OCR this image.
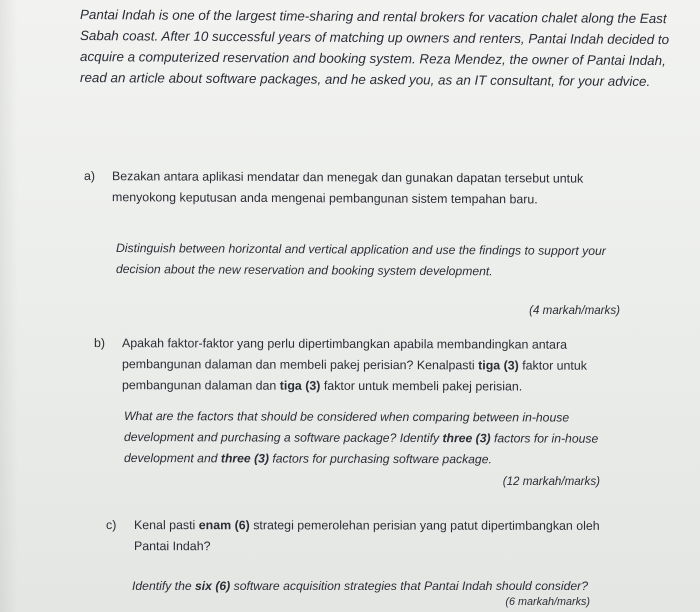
Pantai Indah is one of the largest time-sharing and rental brokers for vacation chalet along the East Sabah coast. After 10 successful years of matching up owners and renters, Pantai Indah decided to acquire a computerized reservation and booking system. Reza Mendez, the owner of Pantai Indah, read an article about software packages, and he asked you, as an IT consultant, for your advice.

a) Bezakan antara aplikasi mendatar dan menegak dan gunakan dapatan tersebut untuk menyokong keputusan anda mengenai pembangunan sistem tempahan baru.
Distinguish between horizontal and vertical application and use the findings to support your decision about the new reservation and booking system development.
(4 markah/marks)
b) Apakah faktor-faktor yang perlu dipertimbangkan apabila membandingkan antara pembangunan dalaman dan membeli pakej perisian? Kenalpasti tiga (3) faktor untuk pembangunan dalaman dan tiga (3) faktor untuk membeli pakej perisian.
What are the factors that should be considered when comparing between in-house development and purchasing a software package? Identify three (3) factors for in-house development and three (3) factors for purchasing software package.
(12 markah/marks)
c) Kenal pasti enam (6) strategi pemerolehan perisian yang patut dipertimbangkan oleh Pantai Indah?
Identify the six (6) software acquisition strategies that Pantai Indah should consider?
(6 markah/marks)
